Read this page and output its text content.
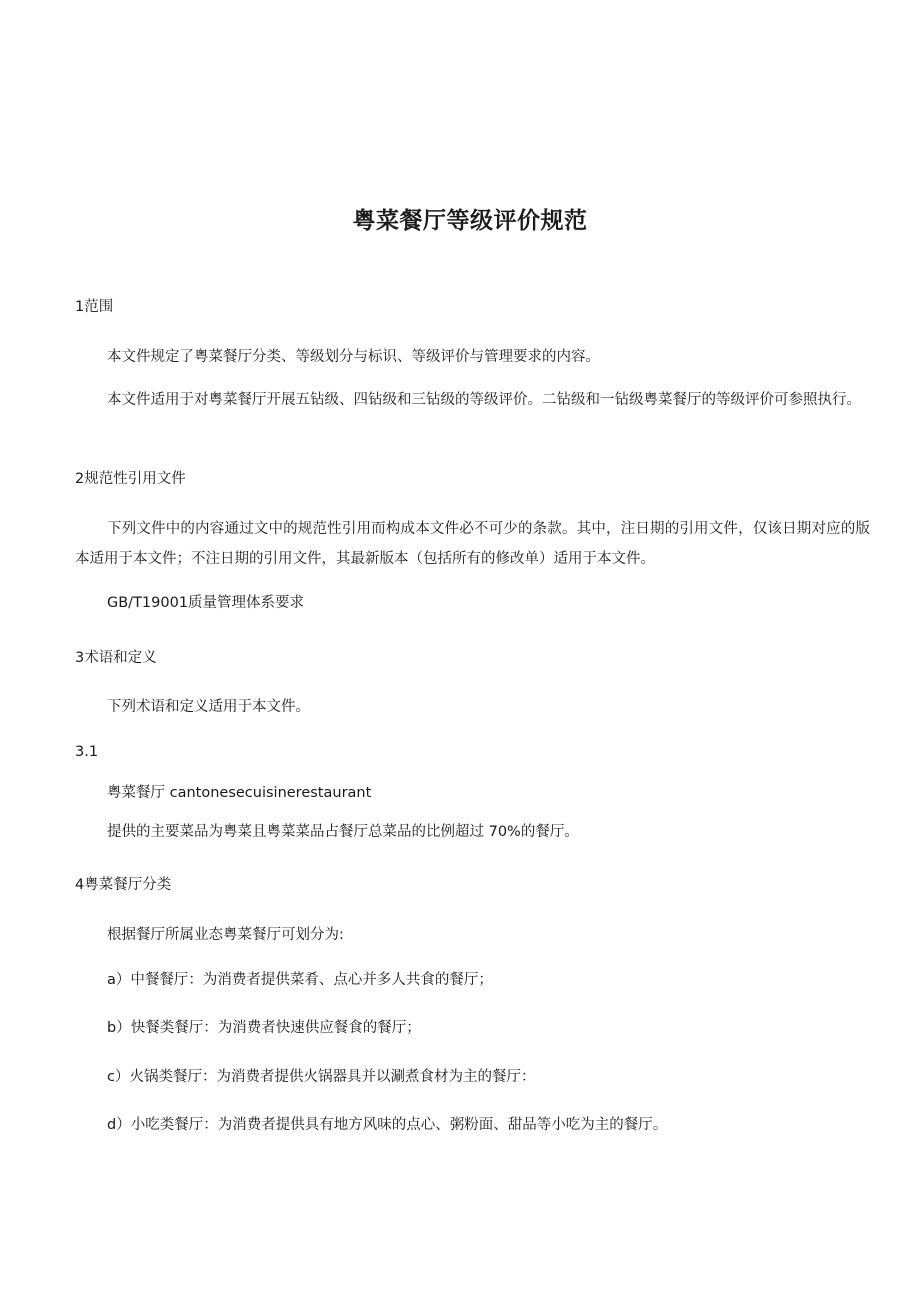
粤菜餐厅等级评价规范
1范围
本文件规定了粤菜餐厅分类、等级划分与标识、等级评价与管理要求的内容。
本文件适用于对粤菜餐厅开展五钻级、四钻级和三钻级的等级评价。二钻级和一钻级粤菜餐厅的等级评价可参照执行。
2规范性引用文件
下列文件中的内容通过文中的规范性引用而构成本文件必不可少的条款。其中，注日期的引用文件，仅该日期对应的版本适用于本文件；不注日期的引用文件，其最新版本（包括所有的修改单）适用于本文件。
GB/T19001质量管理体系要求
3术语和定义
下列术语和定义适用于本文件。
3.1
粤菜餐厅 cantonesecuisinerestaurant
提供的主要菜品为粤菜且粤菜菜品占餐厅总菜品的比例超过 70%的餐厅。
4粤菜餐厅分类
根据餐厅所属业态粤菜餐厅可划分为:
a）中餐餐厅：为消费者提供菜肴、点心并多人共食的餐厅；
b）快餐类餐厅：为消费者快速供应餐食的餐厅；
c）火锅类餐厅：为消费者提供火锅器具并以涮煮食材为主的餐厅：
d）小吃类餐厅：为消费者提供具有地方风味的点心、粥粉面、甜品等小吃为主的餐厅。
